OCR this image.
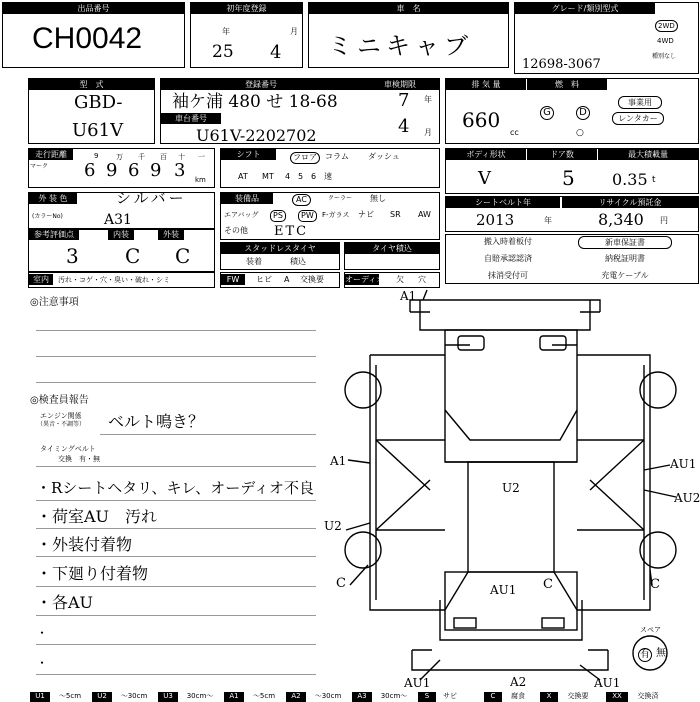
出品番号
CH0042
初年度登録
25
年
4
月
車　名
ミニキャブ
グレード/類別型式
12698-3067
2WD
4WD
種別なし
型　式
GBD-
U61V
登録番号
袖ケ浦 480 せ 18-68
車台番号
U61V-2202702
車検期限
7 年
4 月
排 気 量
660
cc
燃　料
G	D
○
事業用
レンタカー
走行距離
マーク
9	万 千 百 十 一
6 9 6 9 3 km
シフト	フロア	コラム ダッシュ
AT MT 4 5 6 速
ボディ形状
V
ドア数
5
最大積載量
0.35 t
外 装 色	シルバー
(カラーNo)	A31
装備品	AC	クーラー 無し
エアバッグ	PS	PW	F-ガラス ナビ SR AW
その他 ETC
シートベルト年
2013	年
リサイクル預託金
8,340 円
参考評価点
3
内装
C
外装
C	スタッドレスタイヤ
装着	積込
タイヤ積込
搬入時着板付	新車保証書
自賠承認認済	納税証明書
抹消受付可	充電ケーブル
室内	汚れ・コゲ・穴・臭い・破れ・シミ	FW	ヒビ A 交換要	オーディオ 欠 穴
◎注意事項
◎検査員報告
エンジン関係
（異音・不調等） ベルト鳴き？
タイミングベルト
交換　有・無
・Rシートヘタリ、キレ、オーディオ不良
・荷室AU　汚れ
・外装付着物
・下廻り付着物
・各AU
・
・
A1
A1
U2
C
U2
AU1
AU2
C
AU1 C
AU1	A2	AU1
スペア
有 無
U1	～5cm	U2	～30cm	U3	30cm～	A1	～5cm	A2	～30cm	A3	30cm～	S	サビ	C	腐食	X	交換要	XX	交換済
